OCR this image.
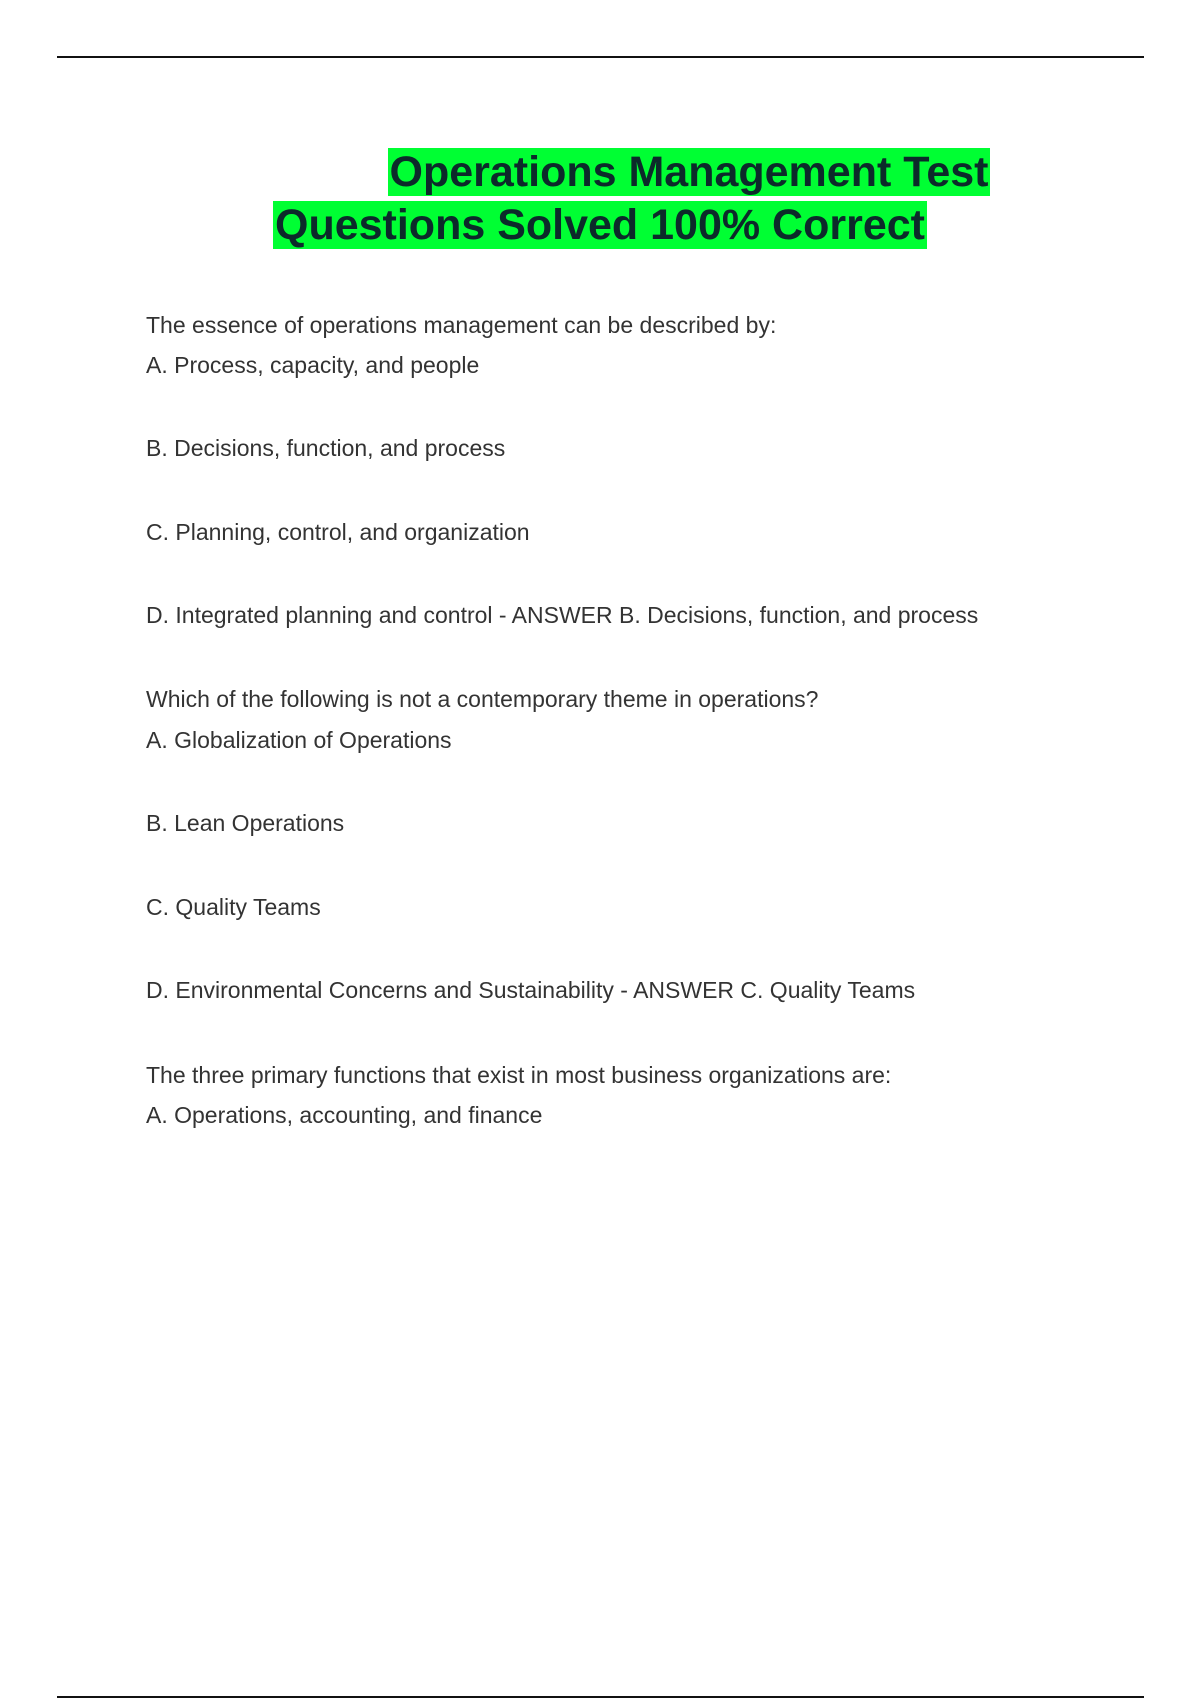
Operations Management Test
Questions Solved 100% Correct
The essence of operations management can be described by:
A. Process, capacity, and people
B. Decisions, function, and process
C. Planning, control, and organization
D. Integrated planning and control - ANSWER B. Decisions, function, and process
Which of the following is not a contemporary theme in operations?
A. Globalization of Operations
B. Lean Operations
C. Quality Teams
D. Environmental Concerns and Sustainability - ANSWER C. Quality Teams
The three primary functions that exist in most business organizations are:
A. Operations, accounting, and finance
